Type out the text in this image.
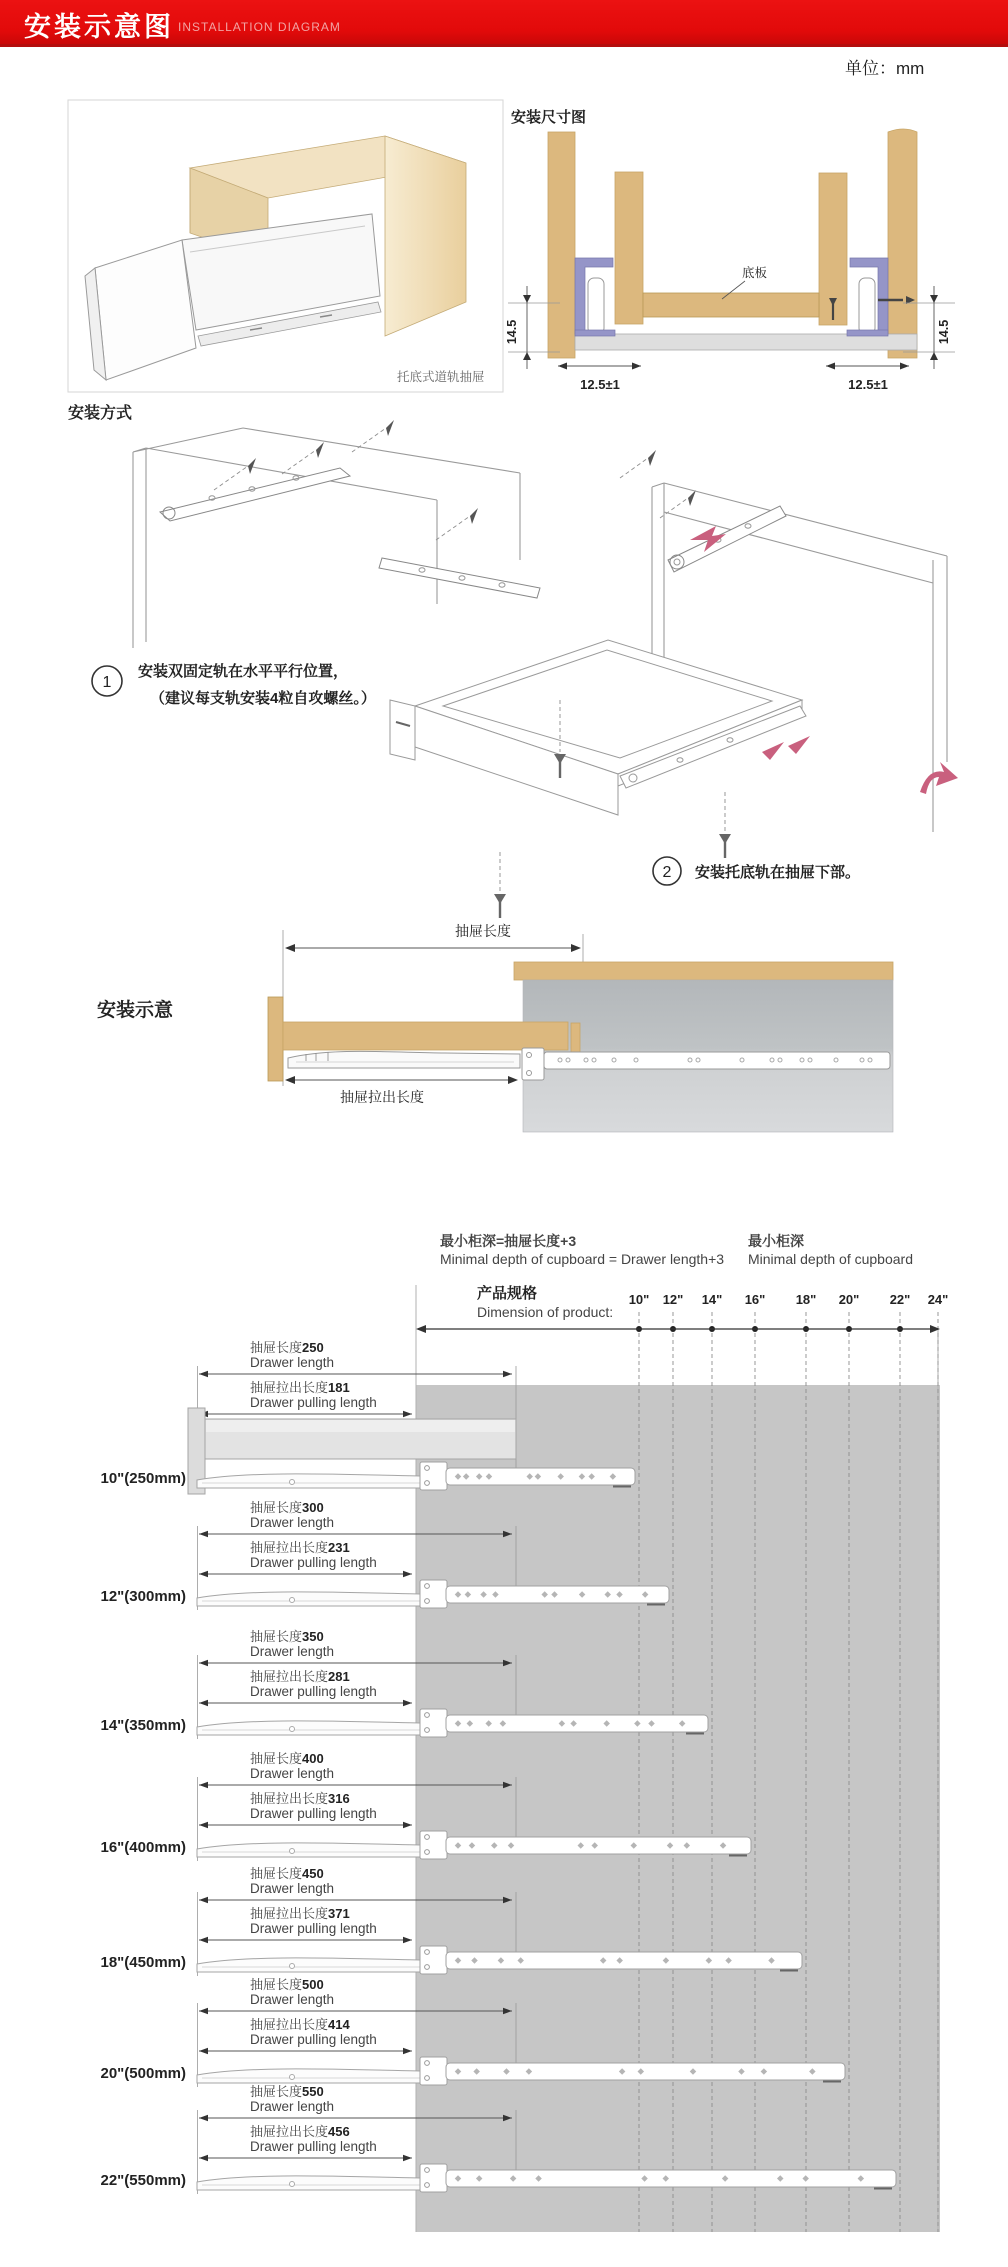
安装示意图 INSTALLATION DIAGRAM
单位：mm
托底式道轨抽屉
安装尺寸图
底板
14.5	14.5
12.5±1	12.5±1
安装方式
1
安装双固定轨在水平平行位置，
（建议每支轨安装4粒自攻螺丝。）
2 安装托底轨在抽屉下部。
安装示意
抽屉长度
抽屉拉出长度
最小柜深=抽屉长度+3
Minimal depth of cupboard = Drawer length+3
最小柜深
Minimal depth of cupboard
产品规格
Dimension of product:
10" 12" 14" 16" 18" 20" 22" 24"
抽屉长度250
Drawer length
抽屉拉出长度181
Drawer pulling length
10"(250mm)
抽屉长度300
Drawer length
抽屉拉出长度231
Drawer pulling length
12"(300mm)
抽屉长度350
Drawer length
抽屉拉出长度281
Drawer pulling length
14"(350mm)
抽屉长度400
Drawer length
抽屉拉出长度316
Drawer pulling length
16"(400mm)
抽屉长度450
Drawer length
抽屉拉出长度371
Drawer pulling length
18"(450mm)
抽屉长度500
Drawer length
抽屉拉出长度414
Drawer pulling length
20"(500mm)
抽屉长度550
Drawer length
抽屉拉出长度456
Drawer pulling length
22"(550mm)
